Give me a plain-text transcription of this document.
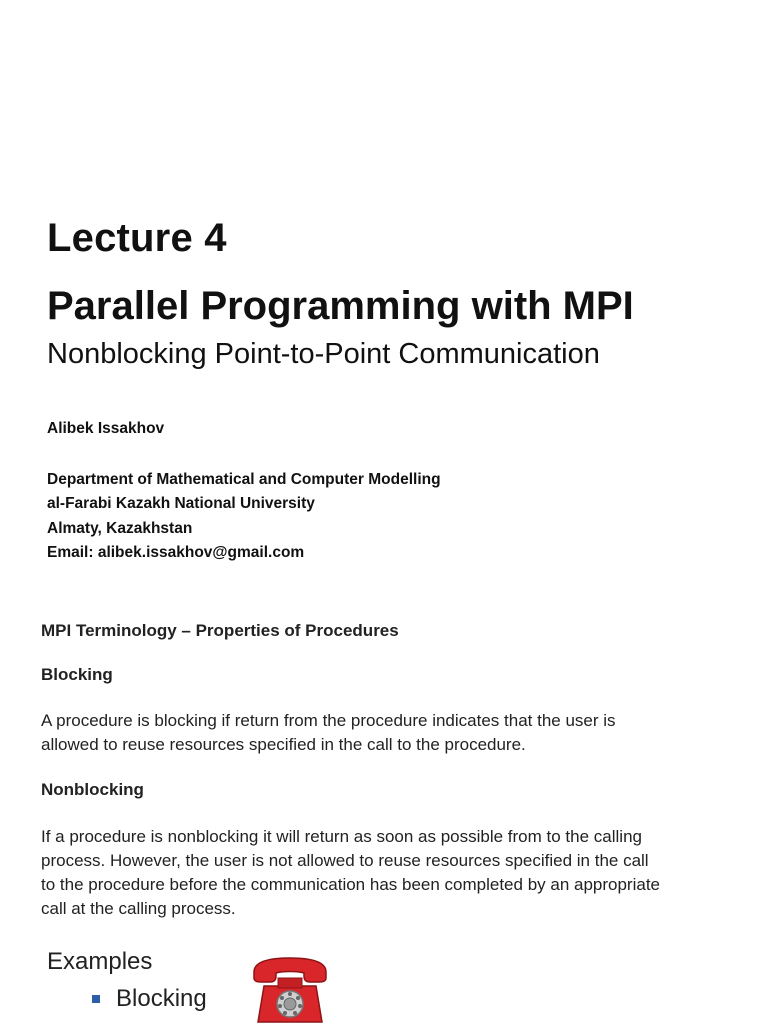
Lecture 4
Parallel Programming with MPI
Nonblocking Point-to-Point Communication
Alibek Issakhov
Department of Mathematical and Computer Modelling
al-Farabi Kazakh National University
Almaty, Kazakhstan
Email: alibek.issakhov@gmail.com
MPI Terminology – Properties of Procedures
Blocking
A procedure is blocking if return from the procedure indicates that the user is
allowed to reuse resources specified in the call to the procedure.
Nonblocking
If a procedure is nonblocking it will return as soon as possible from to the calling
process. However, the user is not allowed to reuse resources specified in the call
to the procedure before the communication has been completed by an appropriate
call at the calling process.
Examples
Blocking
